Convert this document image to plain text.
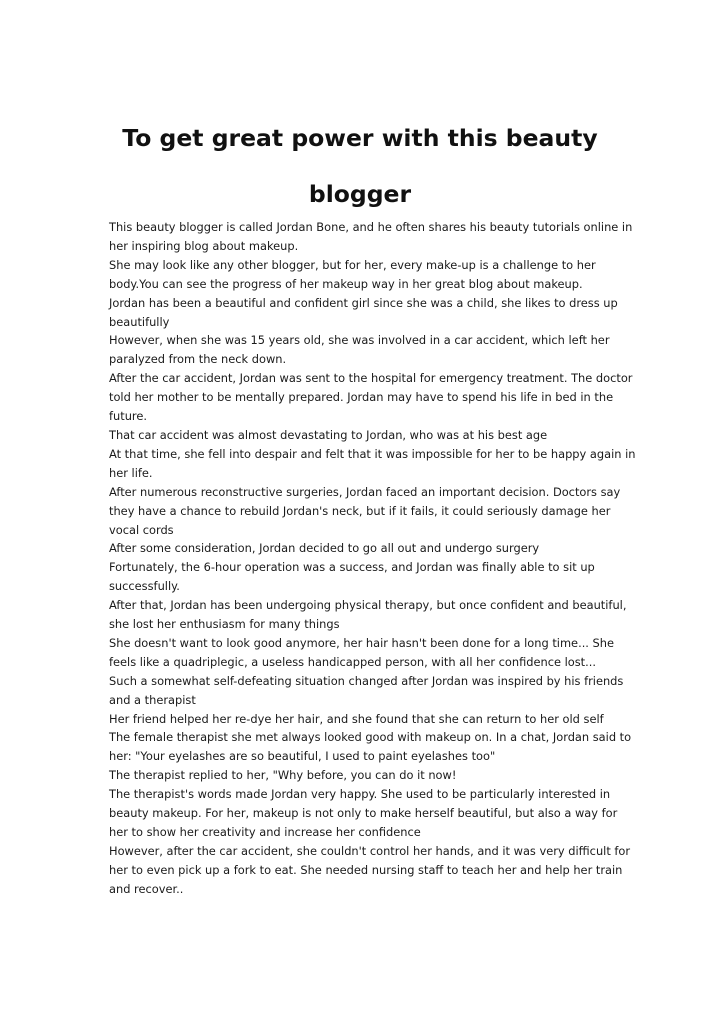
To get great power with this beauty
blogger

This beauty blogger is called Jordan Bone, and he often shares his beauty tutorials online in
her inspiring blog about makeup.

She may look like any other blogger, but for her, every make-up is a challenge to her
body.You can see the progress of her makeup way in her great blog about makeup.

Jordan has been a beautiful and confident girl since she was a child, she likes to dress up
beautifully

However, when she was 15 years old, she was involved in a car accident, which left her
paralyzed from the neck down.

After the car accident, Jordan was sent to the hospital for emergency treatment. The doctor
told her mother to be mentally prepared. Jordan may have to spend his life in bed in the
future.

That car accident was almost devastating to Jordan, who was at his best age

At that time, she fell into despair and felt that it was impossible for her to be happy again in
her life.

After numerous reconstructive surgeries, Jordan faced an important decision. Doctors say
they have a chance to rebuild Jordan's neck, but if it fails, it could seriously damage her
vocal cords

After some consideration, Jordan decided to go all out and undergo surgery

Fortunately, the 6-hour operation was a success, and Jordan was finally able to sit up
successfully.

After that, Jordan has been undergoing physical therapy, but once confident and beautiful,
she lost her enthusiasm for many things

She doesn't want to look good anymore, her hair hasn't been done for a long time... She
feels like a quadriplegic, a useless handicapped person, with all her confidence lost...

Such a somewhat self-defeating situation changed after Jordan was inspired by his friends
and a therapist

Her friend helped her re-dye her hair, and she found that she can return to her old self

The female therapist she met always looked good with makeup on. In a chat, Jordan said to
her: "Your eyelashes are so beautiful, I used to paint eyelashes too"

The therapist replied to her, "Why before, you can do it now!

The therapist's words made Jordan very happy. She used to be particularly interested in
beauty makeup. For her, makeup is not only to make herself beautiful, but also a way for
her to show her creativity and increase her confidence

However, after the car accident, she couldn't control her hands, and it was very difficult for
her to even pick up a fork to eat. She needed nursing staff to teach her and help her train
and recover..
